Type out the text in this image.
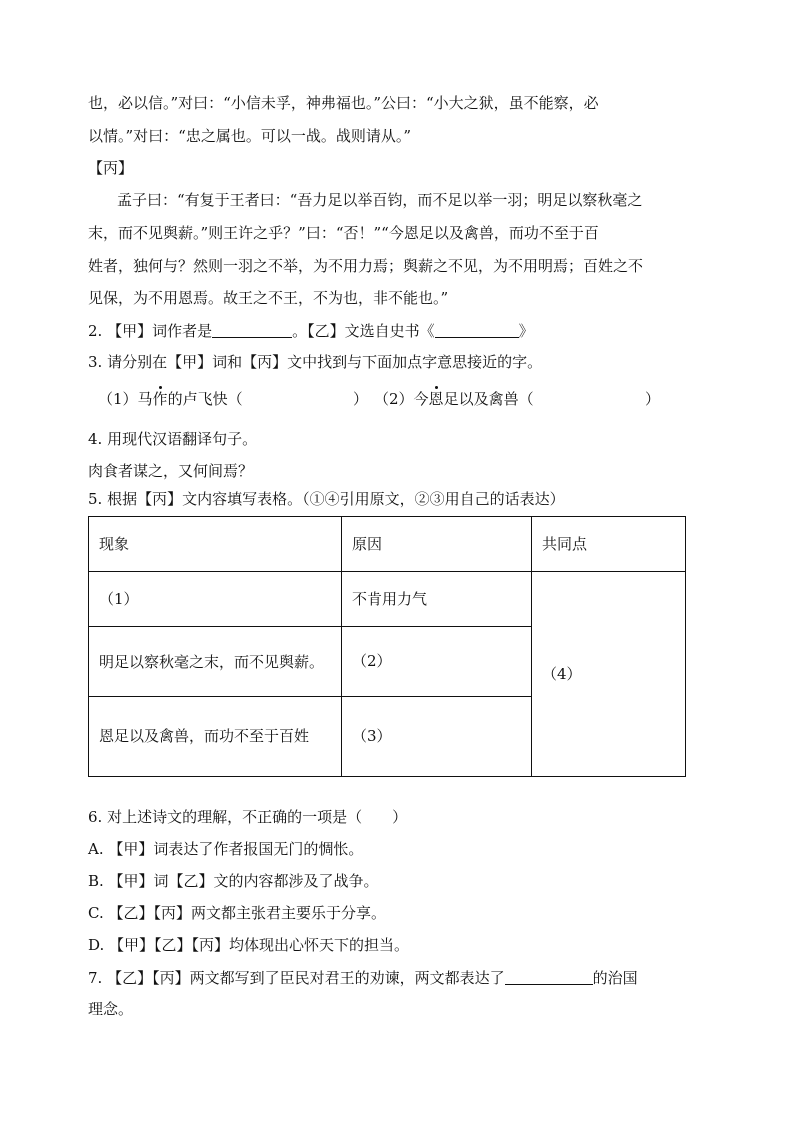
也，必以信。”对曰：“小信未孚，神弗福也。”公曰：“小大之狱，虽不能察，必
以情。”对曰：“忠之属也。可以一战。战则请从。”
【丙】
孟子曰：“有复于王者曰：“吾力足以举百钧，而不足以举一羽；明足以察秋毫之
末，而不见舆薪。”则王许之乎？”曰：“否！”“今恩足以及禽兽，而功不至于百
姓者，独何与？然则一羽之不举，为不用力焉；舆薪之不见，为不用明焉；百姓之不
见保，为不用恩焉。故王之不王，不为也，非不能也。”
2. 【甲】词作者是	。【乙】文选自史书《	》
3. 请分别在【甲】词和【丙】文中找到与下面加点字意思接近的字。
（1）马作的卢飞快（	） （2）今恩足以及禽兽（	）
4. 用现代汉语翻译句子。
肉食者谋之，又何间焉？
5. 根据【丙】文内容填写表格。（①④引用原文，②③用自己的话表达）
现象	原因	共同点
（1）	不肯用力气	（4）
明足以察秋毫之末，而不见舆薪。	（2）	
恩足以及禽兽，而功不至于百姓	（3）	
6. 对上述诗文的理解，不正确的一项是（　　）
A. 【甲】词表达了作者报国无门的惆怅。
B. 【甲】词【乙】文的内容都涉及了战争。
C. 【乙】【丙】两文都主张君主要乐于分享。
D. 【甲】【乙】【丙】均体现出心怀天下的担当。
7. 【乙】【丙】两文都写到了臣民对君王的劝谏，两文都表达了	的治国
理念。
